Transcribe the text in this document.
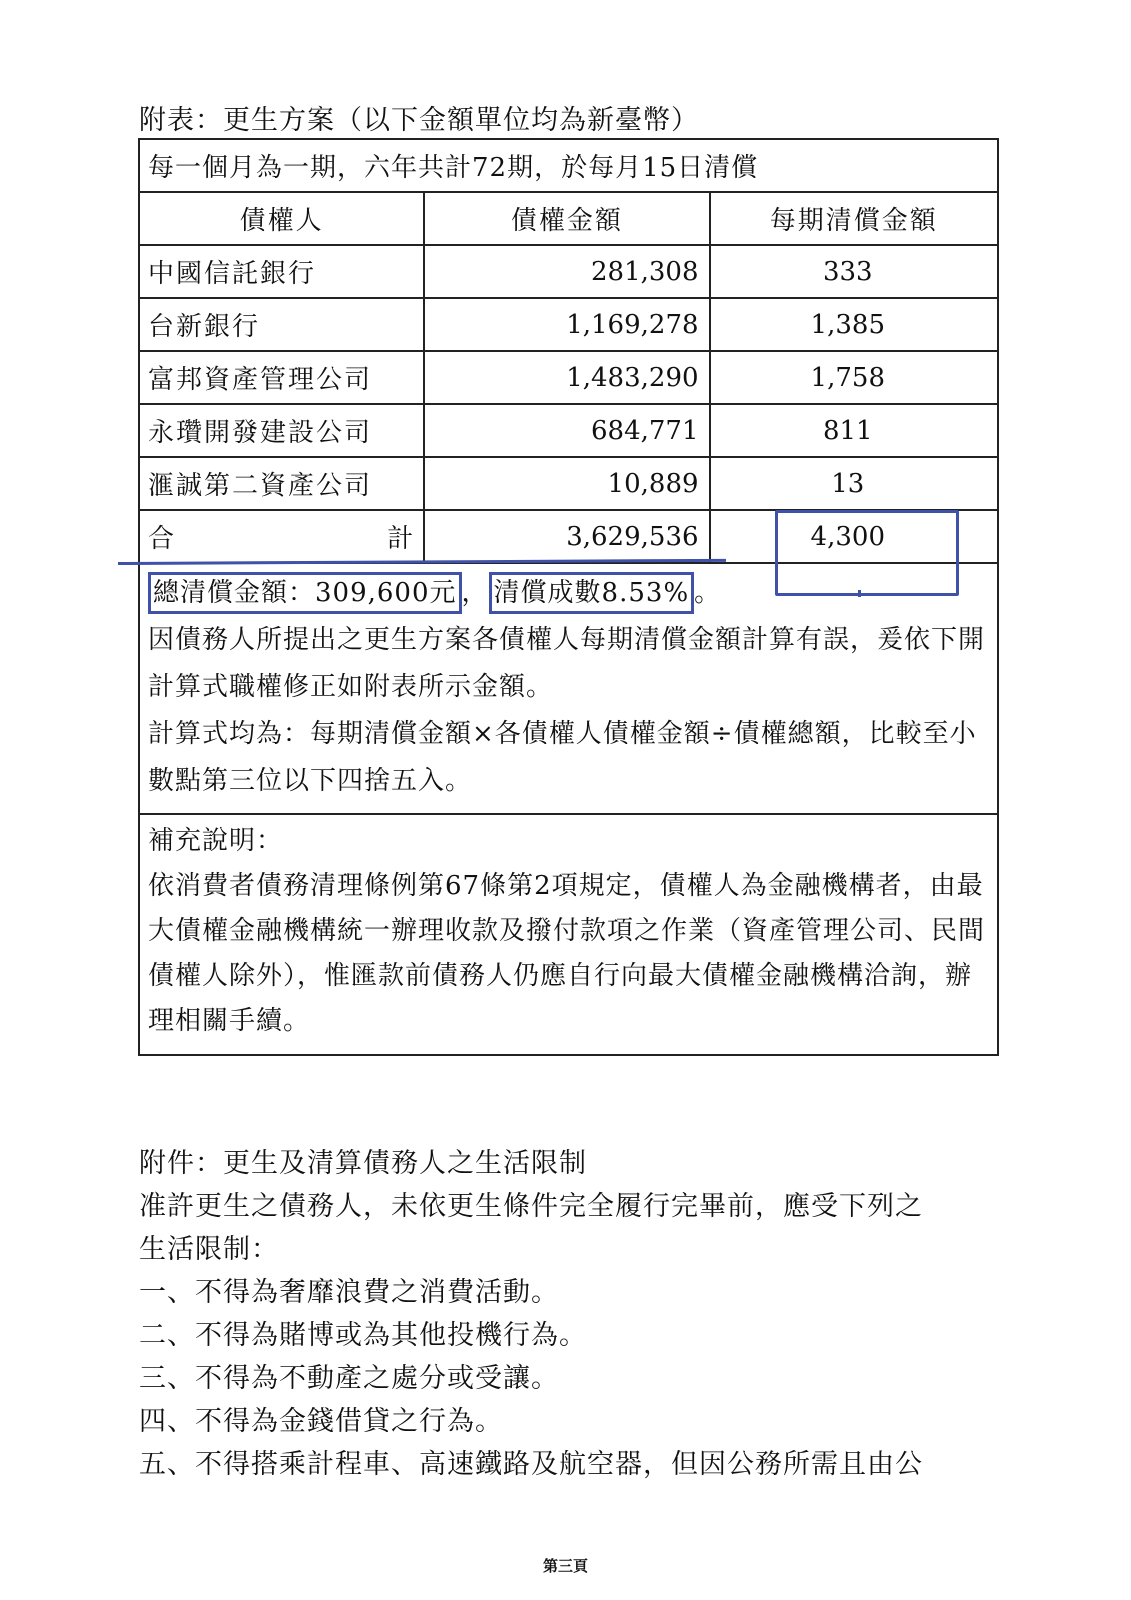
附表：更生方案（以下金額單位均為新臺幣）
每一個月為一期，六年共計72期，於每月15日清償		
債權人	債權金額	每期清償金額
中國信託銀行	281,308	333
台新銀行	1,169,278	1,385
富邦資產管理公司	1,483,290	1,758
永瓚開發建設公司	684,771	811
滙誠第二資產公司	10,889	13

合 計	3,629,536	4,300

總清償金額：309,600元 ， 清償成數8.53% 。

因債務人所提出之更生方案各債權人每期清償金額計算有誤，爰依下開計算式職權修正如附表所示金額。

計算式均為：每期清償金額×各債權人債權金額÷債權總額，比較至小數點第三位以下四捨五入。		

補充說明：

依消費者債務清理條例第67條第2項規定，債權人為金融機構者，由最大債權金融機構統一辦理收款及撥付款項之作業（資產管理公司、民間債權人除外），惟匯款前債務人仍應自行向最大債權金融機構洽詢，辦理相關手續。		

附件：更生及清算債務人之生活限制

准許更生之債務人，未依更生條件完全履行完畢前，應受下列之

生活限制：

一、不得為奢靡浪費之消費活動。

二、不得為賭博或為其他投機行為。

三、不得為不動產之處分或受讓。

四、不得為金錢借貸之行為。

五、不得搭乘計程車、高速鐵路及航空器，但因公務所需且由公

第三頁
